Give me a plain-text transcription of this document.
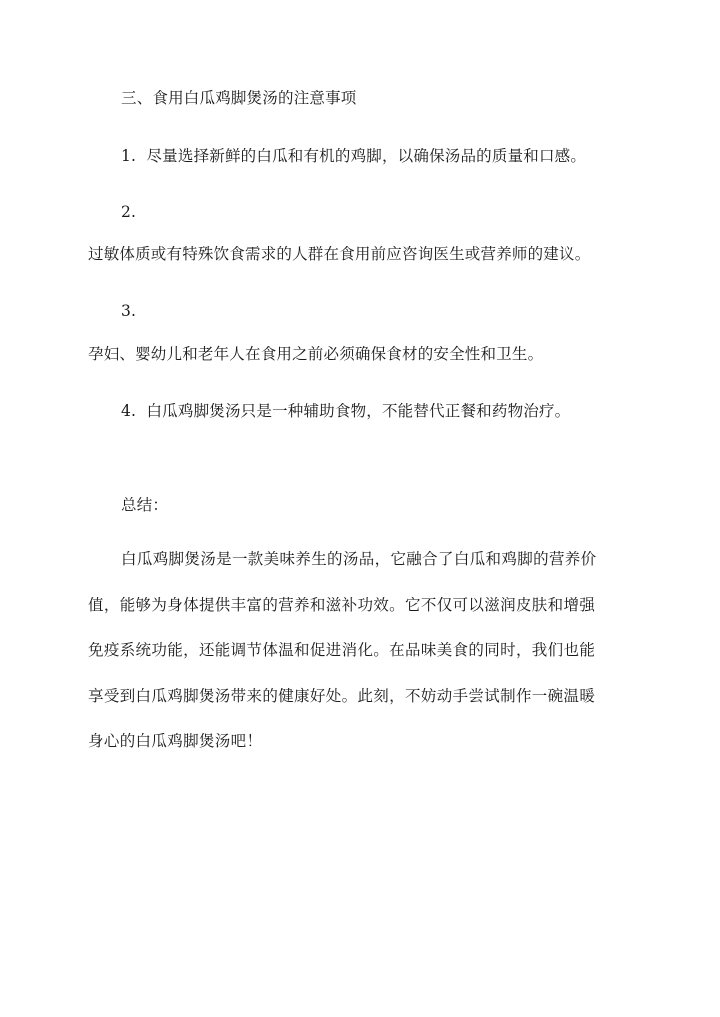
三、食用白瓜鸡脚煲汤的注意事项
1. 尽量选择新鲜的白瓜和有机的鸡脚，以确保汤品的质量和口感。
2.
过敏体质或有特殊饮食需求的人群在食用前应咨询医生或营养师的建议。
3.
孕妇、婴幼儿和老年人在食用之前必须确保食材的安全性和卫生。
4. 白瓜鸡脚煲汤只是一种辅助食物，不能替代正餐和药物治疗。
总结：
白瓜鸡脚煲汤是一款美味养生的汤品，它融合了白瓜和鸡脚的营养价
值，能够为身体提供丰富的营养和滋补功效。它不仅可以滋润皮肤和增强
免疫系统功能，还能调节体温和促进消化。在品味美食的同时，我们也能
享受到白瓜鸡脚煲汤带来的健康好处。此刻，不妨动手尝试制作一碗温暖
身心的白瓜鸡脚煲汤吧！
